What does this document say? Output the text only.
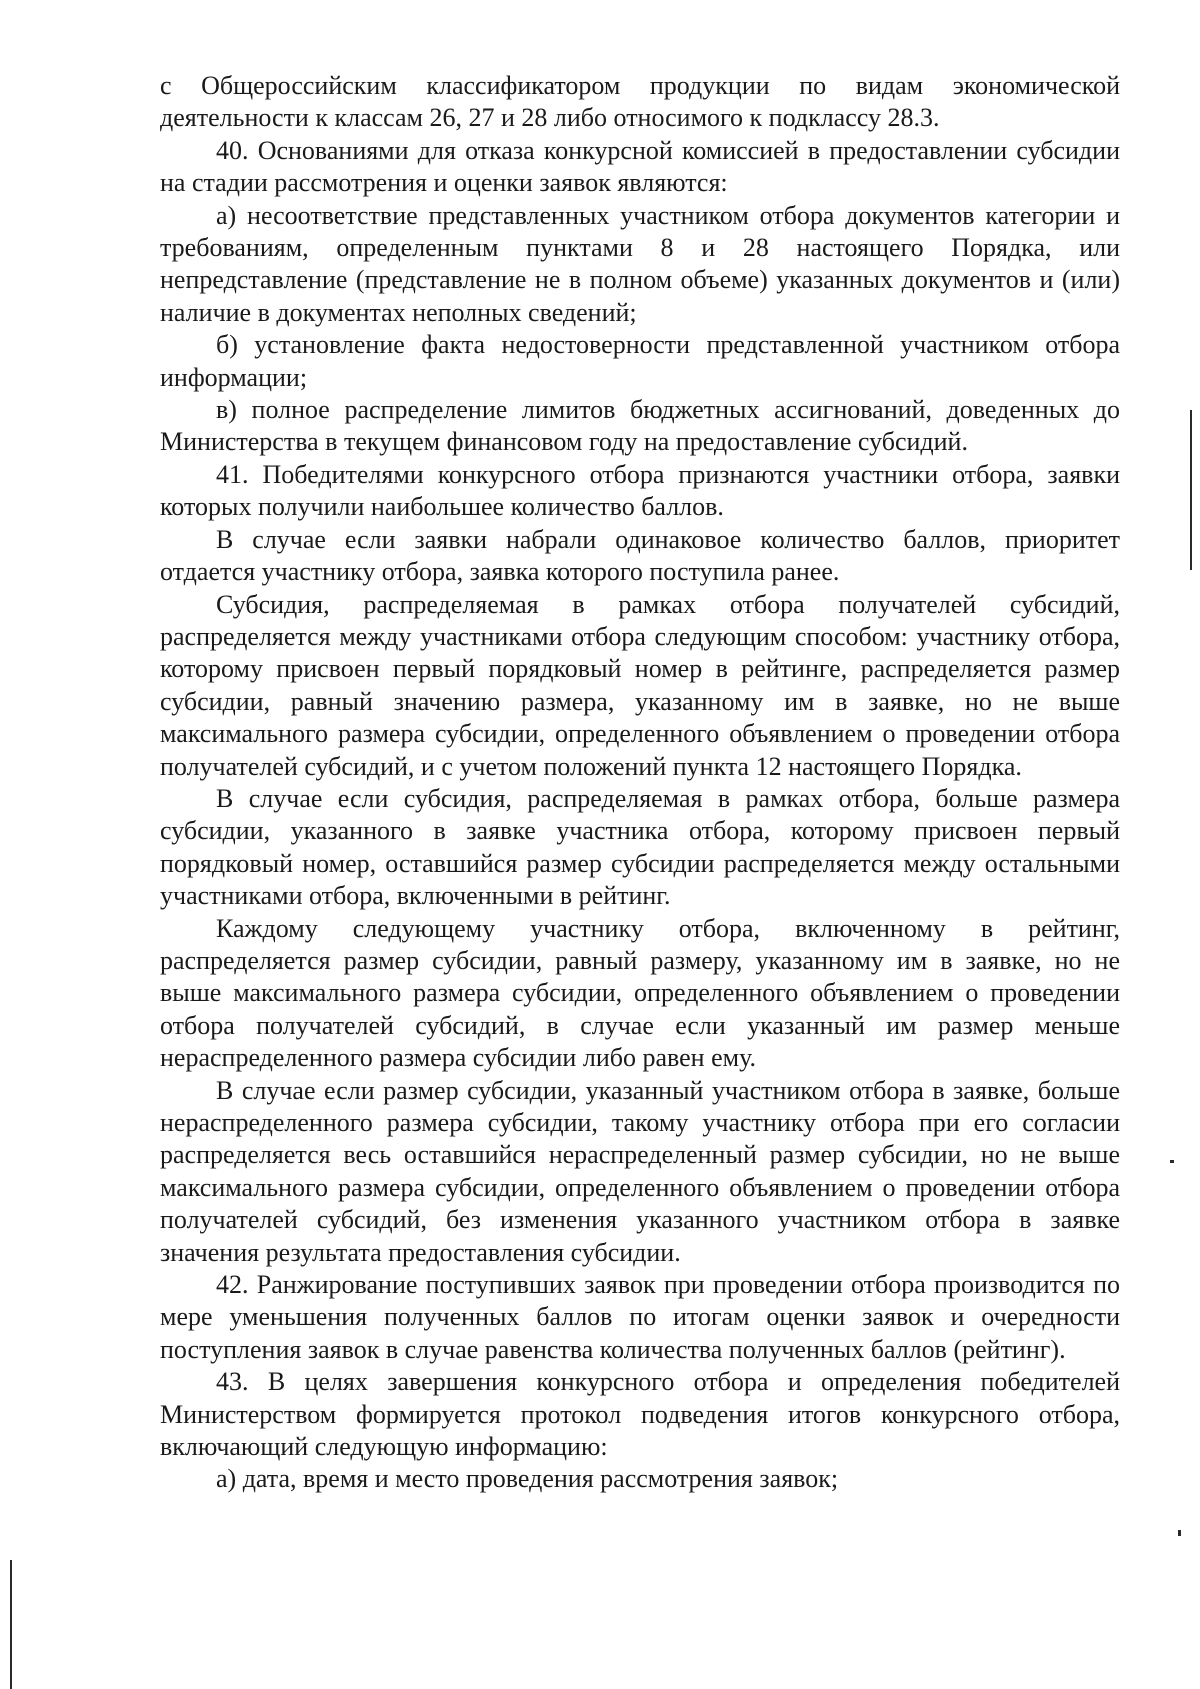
с Общероссийским классификатором продукции по видам экономической деятельности к классам 26, 27 и 28 либо относимого к подклассу 28.3.

40. Основаниями для отказа конкурсной комиссией в предоставлении субсидии на стадии рассмотрения и оценки заявок являются:

а) несоответствие представленных участником отбора документов категории и требованиям, определенным пунктами 8 и 28 настоящего Порядка, или непредставление (представление не в полном объеме) указанных документов и (или) наличие в документах неполных сведений;

б) установление факта недостоверности представленной участником отбора информации;

в) полное распределение лимитов бюджетных ассигнований, доведенных до Министерства в текущем финансовом году на предоставление субсидий.

41. Победителями конкурсного отбора признаются участники отбора, заявки которых получили наибольшее количество баллов.

В случае если заявки набрали одинаковое количество баллов, приоритет отдается участнику отбора, заявка которого поступила ранее.

Субсидия, распределяемая в рамках отбора получателей субсидий, распределяется между участниками отбора следующим способом: участнику отбора, которому присвоен первый порядковый номер в рейтинге, распределяется размер субсидии, равный значению размера, указанному им в заявке, но не выше максимального размера субсидии, определенного объявлением о проведении отбора получателей субсидий, и с учетом положений пункта 12 настоящего Порядка.

В случае если субсидия, распределяемая в рамках отбора, больше размера субсидии, указанного в заявке участника отбора, которому присвоен первый порядковый номер, оставшийся размер субсидии распределяется между остальными участниками отбора, включенными в рейтинг.

Каждому следующему участнику отбора, включенному в рейтинг, распределяется размер субсидии, равный размеру, указанному им в заявке, но не выше максимального размера субсидии, определенного объявлением о проведении отбора получателей субсидий, в случае если указанный им размер меньше нераспределенного размера субсидии либо равен ему.

В случае если размер субсидии, указанный участником отбора в заявке, больше нераспределенного размера субсидии, такому участнику отбора при его согласии распределяется весь оставшийся нераспределенный размер субсидии, но не выше максимального размера субсидии, определенного объявлением о проведении отбора получателей субсидий, без изменения указанного участником отбора в заявке значения результата предоставления субсидии.

42. Ранжирование поступивших заявок при проведении отбора производится по мере уменьшения полученных баллов по итогам оценки заявок и очередности поступления заявок в случае равенства количества полученных баллов (рейтинг).

43. В целях завершения конкурсного отбора и определения победителей Министерством формируется протокол подведения итогов конкурсного отбора, включающий следующую информацию:

а) дата, время и место проведения рассмотрения заявок;
